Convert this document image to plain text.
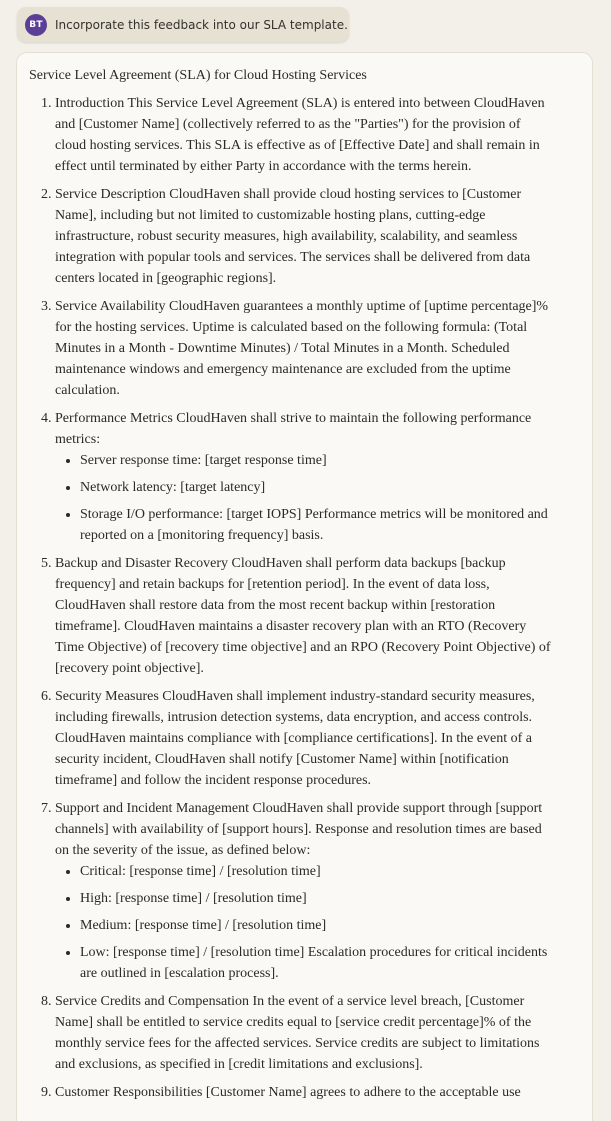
BT	Incorporate this feedback into our SLA template.
Service Level Agreement (SLA) for Cloud Hosting Services
1. Introduction This Service Level Agreement (SLA) is entered into between CloudHaven and [Customer Name] (collectively referred to as the "Parties") for the provision of cloud hosting services. This SLA is effective as of [Effective Date] and shall remain in effect until terminated by either Party in accordance with the terms herein.
2. Service Description CloudHaven shall provide cloud hosting services to [Customer Name], including but not limited to customizable hosting plans, cutting-edge infrastructure, robust security measures, high availability, scalability, and seamless integration with popular tools and services. The services shall be delivered from data centers located in [geographic regions].
3. Service Availability CloudHaven guarantees a monthly uptime of [uptime percentage]% for the hosting services. Uptime is calculated based on the following formula: (Total Minutes in a Month - Downtime Minutes) / Total Minutes in a Month. Scheduled maintenance windows and emergency maintenance are excluded from the uptime calculation.
4. Performance Metrics CloudHaven shall strive to maintain the following performance metrics:
• Server response time: [target response time]
• Network latency: [target latency]
• Storage I/O performance: [target IOPS] Performance metrics will be monitored and reported on a [monitoring frequency] basis.
5. Backup and Disaster Recovery CloudHaven shall perform data backups [backup frequency] and retain backups for [retention period]. In the event of data loss, CloudHaven shall restore data from the most recent backup within [restoration timeframe]. CloudHaven maintains a disaster recovery plan with an RTO (Recovery Time Objective) of [recovery time objective] and an RPO (Recovery Point Objective) of [recovery point objective].
6. Security Measures CloudHaven shall implement industry-standard security measures, including firewalls, intrusion detection systems, data encryption, and access controls. CloudHaven maintains compliance with [compliance certifications]. In the event of a security incident, CloudHaven shall notify [Customer Name] within [notification timeframe] and follow the incident response procedures.
7. Support and Incident Management CloudHaven shall provide support through [support channels] with availability of [support hours]. Response and resolution times are based on the severity of the issue, as defined below:
• Critical: [response time] / [resolution time]
• High: [response time] / [resolution time]
• Medium: [response time] / [resolution time]
• Low: [response time] / [resolution time] Escalation procedures for critical incidents are outlined in [escalation process].
8. Service Credits and Compensation In the event of a service level breach, [Customer Name] shall be entitled to service credits equal to [service credit percentage]% of the monthly service fees for the affected services. Service credits are subject to limitations and exclusions, as specified in [credit limitations and exclusions].
9. Customer Responsibilities [Customer Name] agrees to adhere to the acceptable use
